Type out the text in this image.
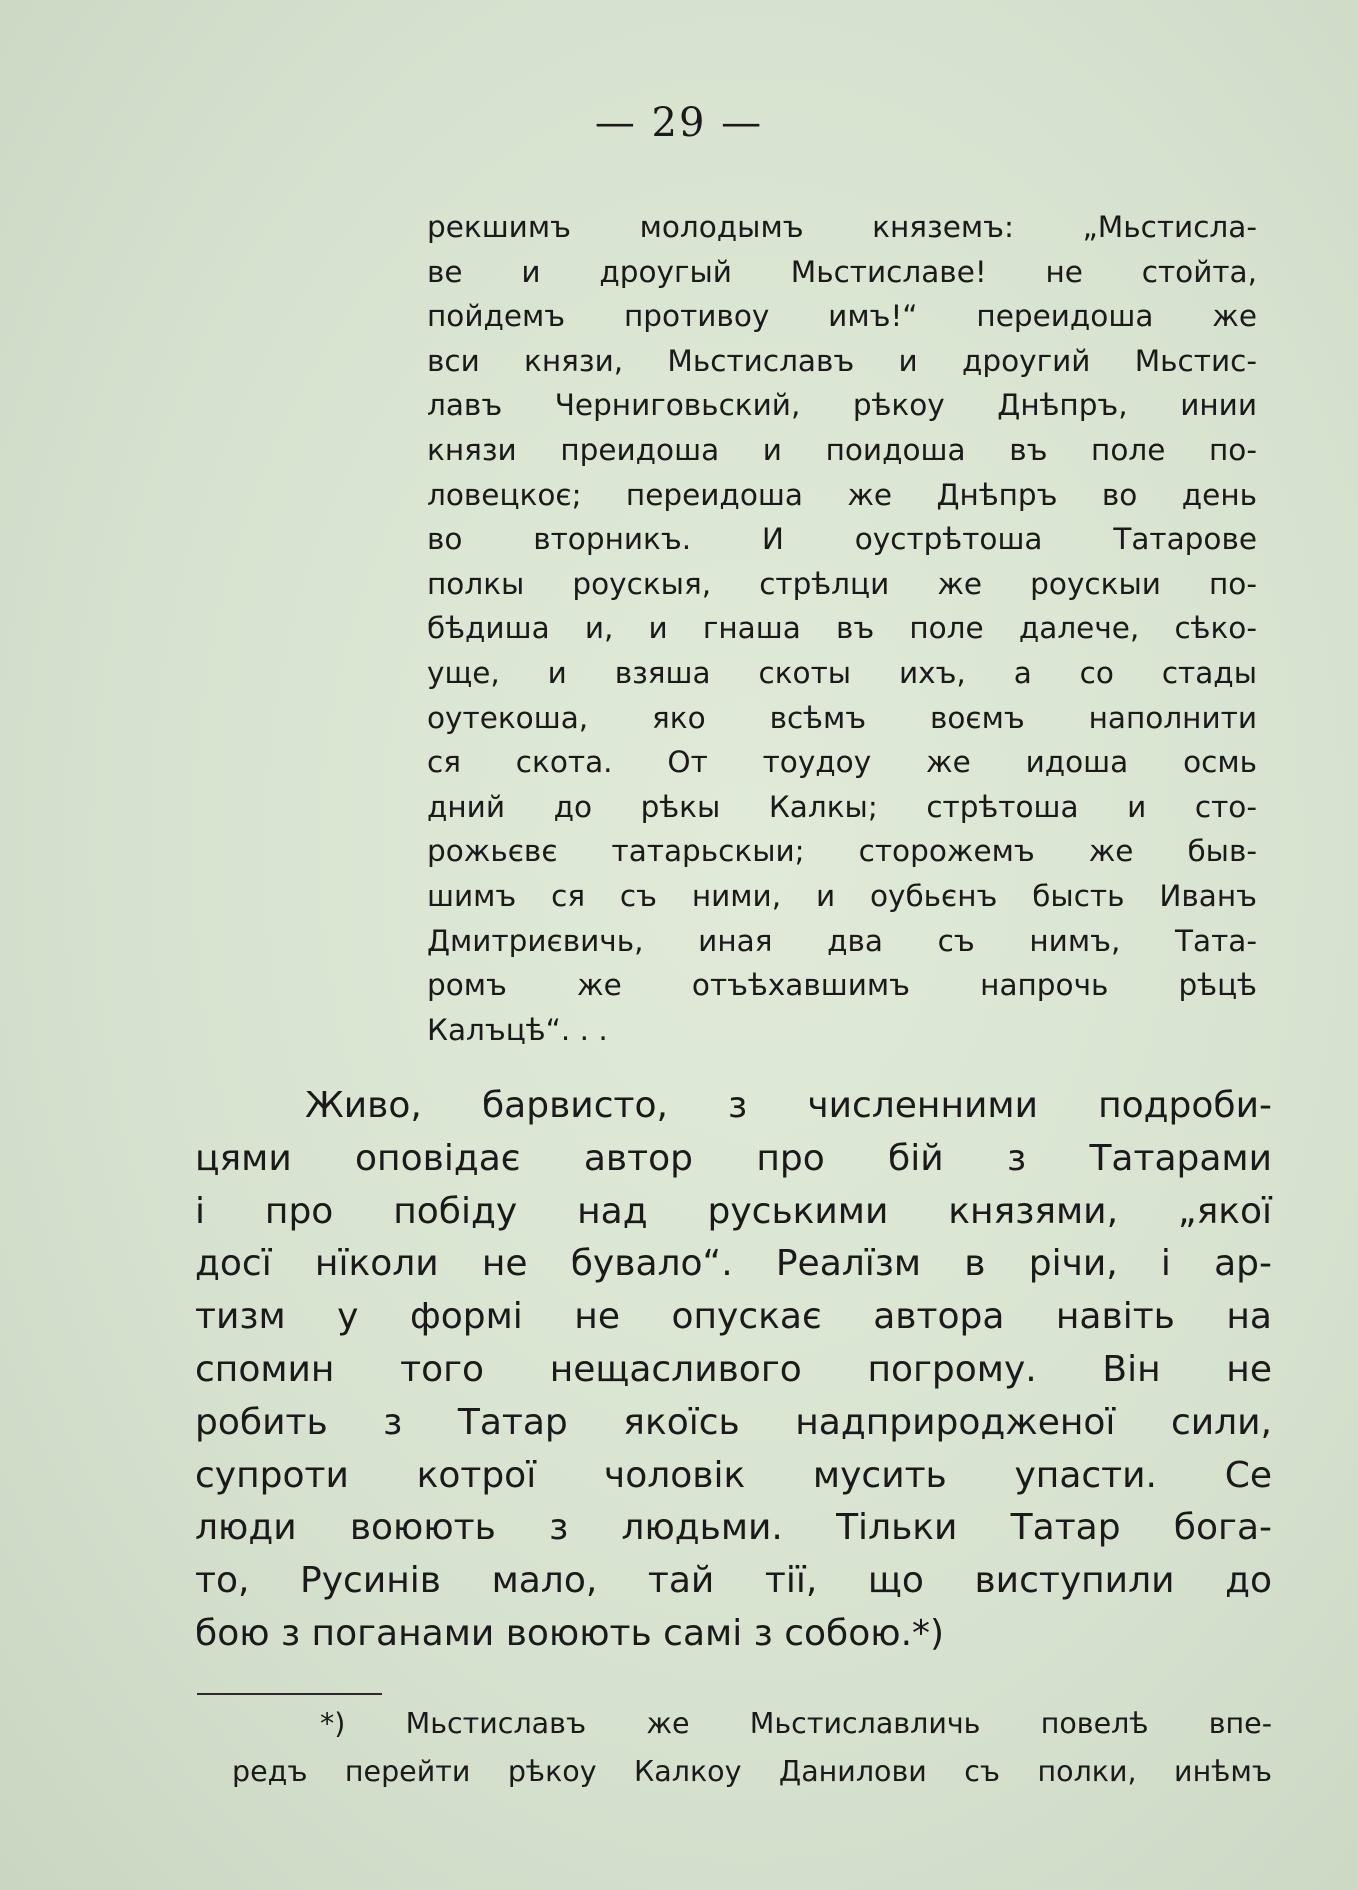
— 29 —
рекшимъ молодымъ княземъ: „Мьстисла-
ве и дроугый Мьстиславе! не стойта,
пойдемъ противоу имъ!“ переидоша же
вси князи, Мьстиславъ и дроугий Мьстис-
лавъ Черниговьский, рѣкоу Днѣпръ, инии
князи преидоша и поидоша въ поле по-
ловецкоє; переидоша же Днѣпръ во день
во вторникъ. И оустрѣтоша Татарове
полкы роускыя, стрѣлци же роускыи по-
бѣдиша и, и гнаша въ поле далече, сѣко-
уще, и взяша скоты ихъ, а со стады
оутекоша, яко всѣмъ воємъ наполнити
ся скота. От тоудоу же идоша осмь
дний до рѣкы Калкы; стрѣтоша и сто-
рожьєвє татарьскыи; сторожемъ же быв-
шимъ ся съ ними, и оубьєнъ бысть Иванъ
Дмитриєвичь, иная два съ нимъ, Тата-
ромъ же отъѣхавшимъ напрочь рѣцѣ
Калъцѣ“. . .
Живо, барвисто, з численними подроби-
цями оповідає автор про бій з Татарами
і про побіду над руськими князями, „якої
досї нїколи не бувало“. Реалїзм в річи, і ар-
тизм у формі не опускає автора навіть на
спомин того нещасливого погрому. Він не
робить з Татар якоїсь надприродженої сили,
супроти котрої чоловік мусить упасти. Се
люди воюють з людьми. Тільки Татар бога-
то, Русинів мало, тай тії, що виступили до
бою з поганами воюють самі з собою.*)
*) Мьстиславъ же Мьстиславличь повелѣ впе-
редъ перейти рѣкоу Калкоу Данилови съ полки, инѣмъ
